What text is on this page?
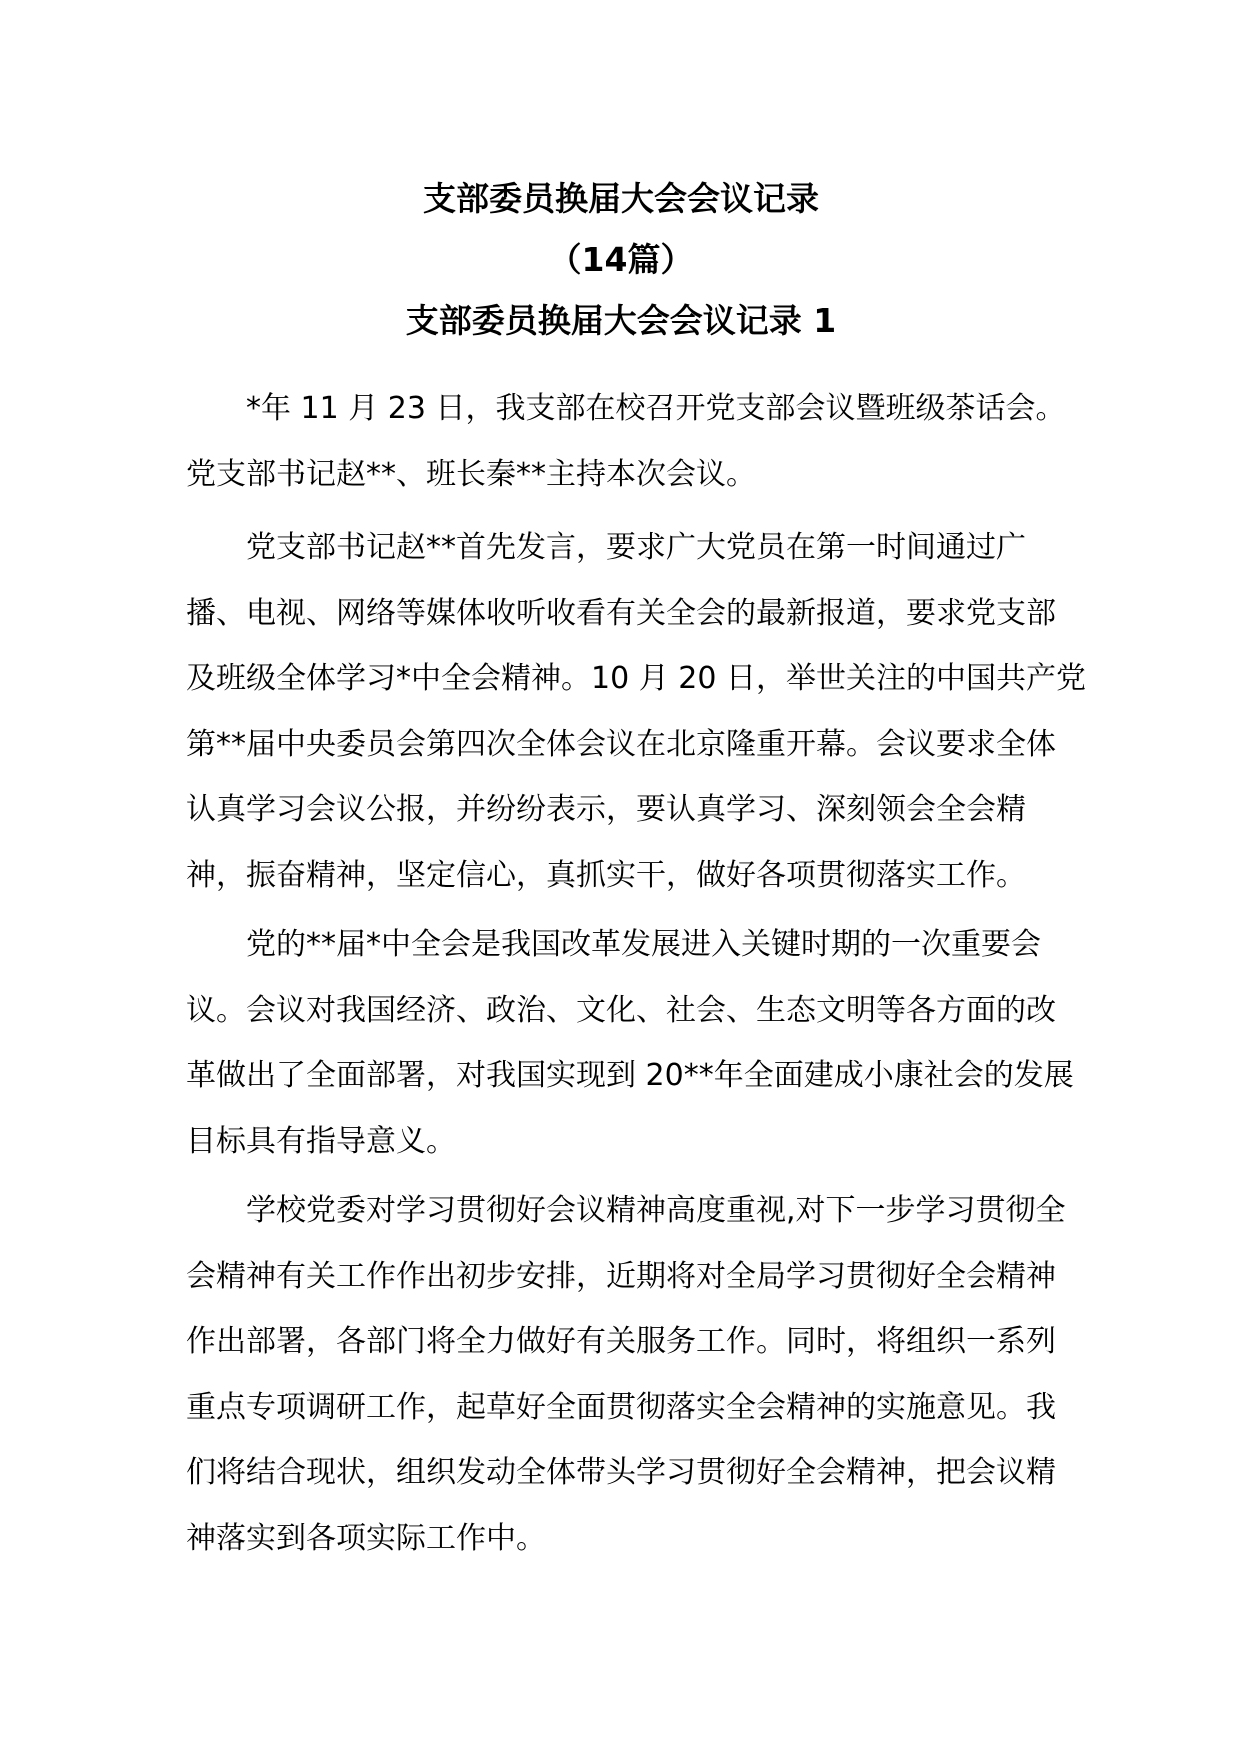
支部委员换届大会会议记录

（14篇）

支部委员换届大会会议记录 1

*年 11 月 23 日，我支部在校召开党支部会议暨班级茶话会。
党支部书记赵**、班长秦**主持本次会议。

党支部书记赵**首先发言，要求广大党员在第一时间通过广
播、电视、网络等媒体收听收看有关全会的最新报道，要求党支部
及班级全体学习*中全会精神。10 月 20 日，举世关注的中国共产党
第**届中央委员会第四次全体会议在北京隆重开幕。会议要求全体
认真学习会议公报，并纷纷表示，要认真学习、深刻领会全会精
神，振奋精神，坚定信心，真抓实干，做好各项贯彻落实工作。

党的**届*中全会是我国改革发展进入关键时期的一次重要会
议。会议对我国经济、政治、文化、社会、生态文明等各方面的改
革做出了全面部署，对我国实现到 20**年全面建成小康社会的发展
目标具有指导意义。

学校党委对学习贯彻好会议精神高度重视,对下一步学习贯彻全
会精神有关工作作出初步安排，近期将对全局学习贯彻好全会精神
作出部署，各部门将全力做好有关服务工作。同时，将组织一系列
重点专项调研工作，起草好全面贯彻落实全会精神的实施意见。我
们将结合现状，组织发动全体带头学习贯彻好全会精神，把会议精
神落实到各项实际工作中。
